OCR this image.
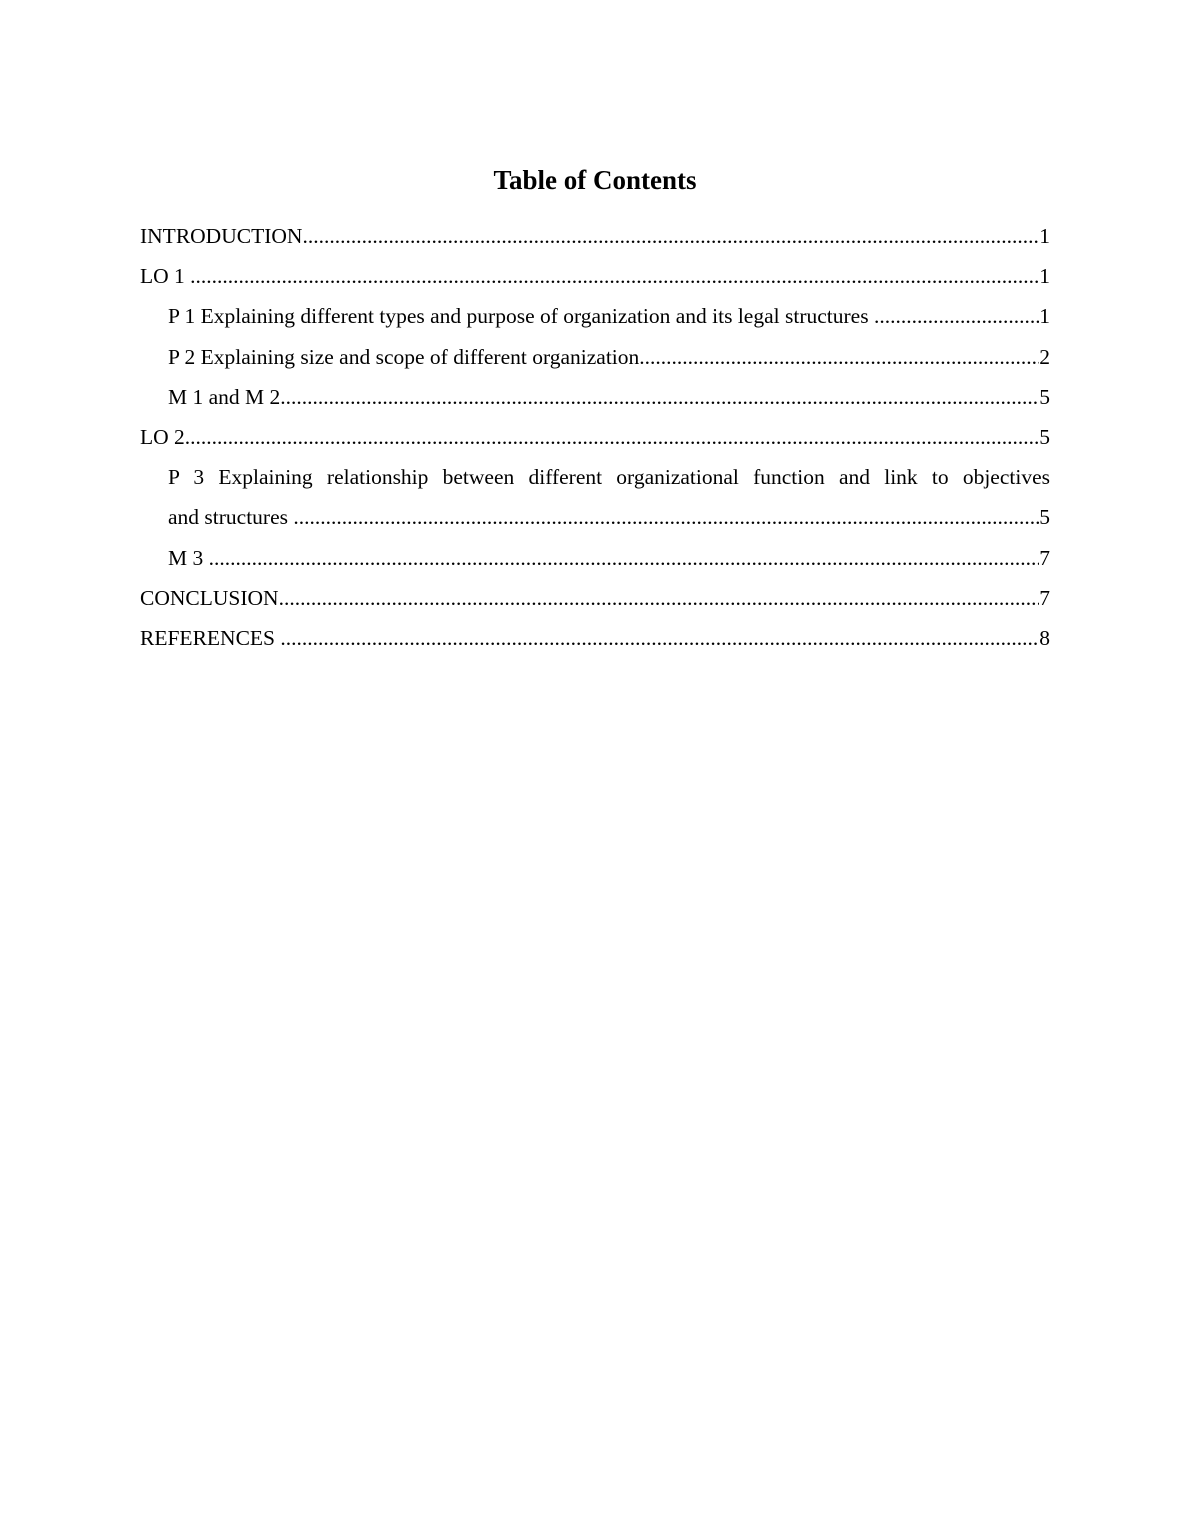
Table of Contents
INTRODUCTION .....	1
LO 1 .....	1
P 1 Explaining different types and purpose of organization and its legal structures .....	1
P 2 Explaining size and scope of different organization .....	2
M 1 and M 2 .....	5
LO 2 .....	5
P 3 Explaining relationship between different organizational function and link to objectives
and structures .....	5
M 3 .....	7
CONCLUSION .....	7
REFERENCES .....	8
